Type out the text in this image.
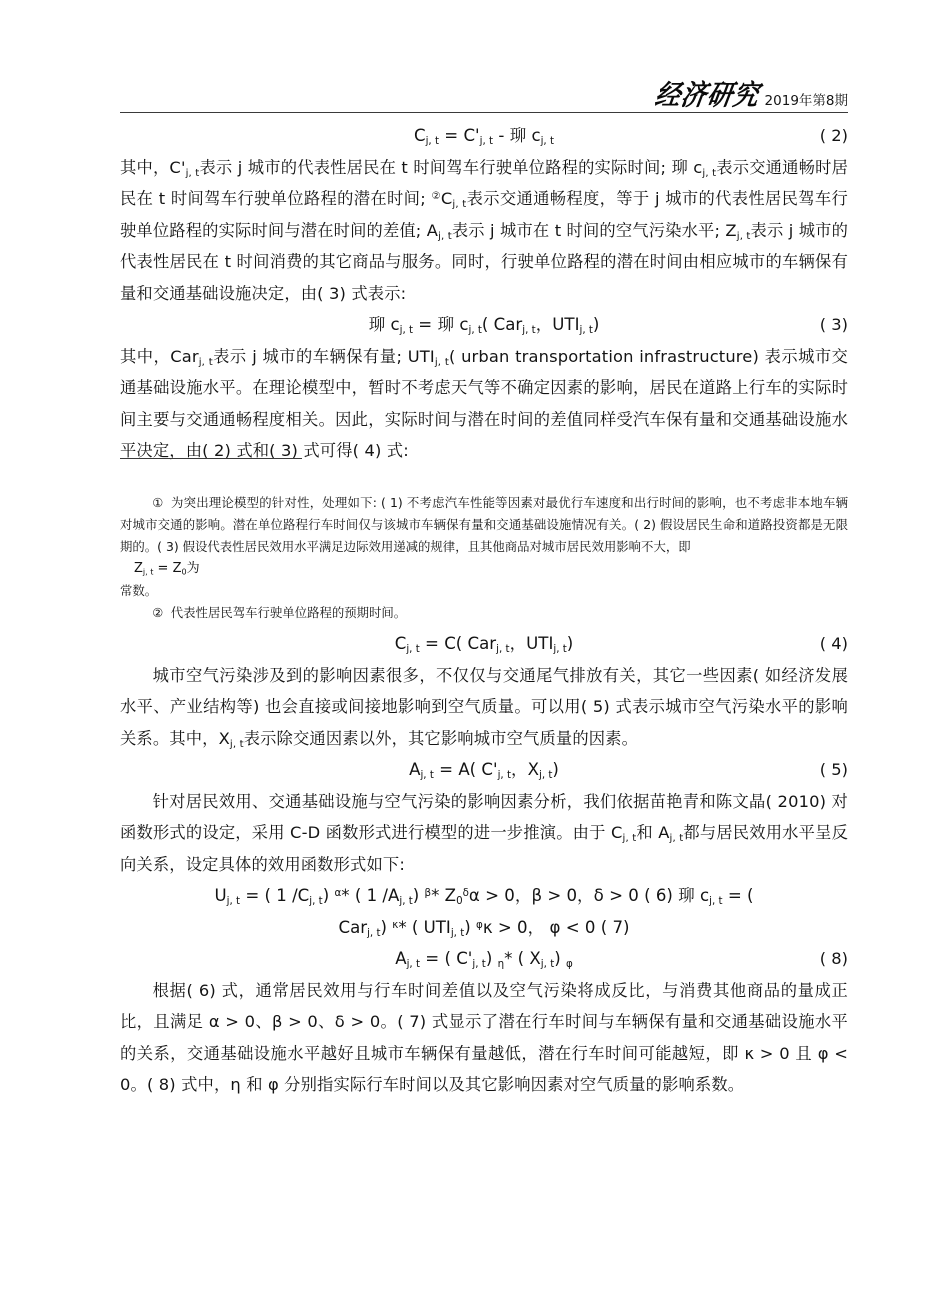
经济研究 2019年第8期
$C_{j, t} = C'_{j, t}$ - 珋 $c_{j, t}$	( 2)

其中，$C'_{j, t}$表示 j 城市的代表性居民在 t 时间驾车行驶单位路程的实际时间; 珋 $c_{j, t}$表示交通通畅时居民在 t 时间驾车行驶单位路程的潜在时间; $^②C_{j, t}$表示交通通畅程度，等于 j 城市的代表性居民驾车行驶单位路程的实际时间与潜在时间的差值; $A_{j, t}$表示 j 城市在 t 时间的空气污染水平; $Z_{j, t}$表示 j 城市的代表性居民在 t 时间消费的其它商品与服务。同时，行驶单位路程的潜在时间由相应城市的车辆保有量和交通基础设施决定，由( 3) 式表示:

珋 $c_{j, t}$ = 珋 $c_{j, t}$( Car$_{j, t}$，$UTI_{j, t}$)	( 3)

其中，Car$_{j, t}$表示 j 城市的车辆保有量; $UTI_{j, t}$( urban transportation infrastructure) 表示城市交通基础设施水平。在理论模型中，暂时不考虑天气等不确定因素的影响，居民在道路上行车的实际时间主要与交通通畅程度相关。因此，实际时间与潜在时间的差值同样受汽车保有量和交通基础设施水平决定，由( 2) 式和( 3) 式可得( 4) 式:

① 为突出理论模型的针对性，处理如下: ( 1) 不考虑汽车性能等因素对最优行车速度和出行时间的影响，也不考虑非本地车辆对城市交通的影响。潜在单位路程行车时间仅与该城市车辆保有量和交通基础设施情况有关。( 2) 假设居民生命和道路投资都是无限期的。( 3) 假设代表性居民效用水平满足边际效用递减的规律，且其他商品对城市居民效用影响不大，即

$Z_{j, t} = Z_0$为

常数。

② 代表性居民驾车行驶单位路程的预期时间。

$C_{j, t} = C$( Car$_{j, t}$，$UTI_{j, t}$)	( 4)

城市空气污染涉及到的影响因素很多，不仅仅与交通尾气排放有关，其它一些因素( 如经济发展水平、产业结构等) 也会直接或间接地影响到空气质量。可以用( 5) 式表示城市空气污染水平的影响关系。其中，$X_{j, t}$表示除交通因素以外，其它影响城市空气质量的因素。

$A_{j, t} = A$( $C'_{j, t}$，$X_{j, t}$)	( 5)

针对居民效用、交通基础设施与空气污染的影响因素分析，我们依据苗艳青和陈文晶( 2010) 对函数形式的设定，采用 C-D 函数形式进行模型的进一步推演。由于 $C_{j, t}$和 $A_{j, t}$都与居民效用水平呈反向关系，设定具体的效用函数形式如下:

$U_{j, t}$ = ( 1 $/C_{j, t}$) $^\alpha$* ( 1 $/A_{j, t}$) $^\beta$* $Z_0^\delta\alpha > 0$，β > 0，δ > 0 ( 6) 珋 $c_{j, t}$ = (
Car$_{j, t}$) $^\kappa$* ( $UTI_{j, t}$) $^\varphi$κ > 0， φ < 0 ( 7)
$A_{j, t}$ = ( $C'_{j, t}$) $_\eta$* ( $X_{j, t}$) $_\varphi$	( 8)

根据( 6) 式，通常居民效用与行车时间差值以及空气污染将成反比，与消费其他商品的量成正比，且满足 α > 0、β > 0、δ > 0。( 7) 式显示了潜在行车时间与车辆保有量和交通基础设施水平的关系，交通基础设施水平越好且城市车辆保有量越低，潜在行车时间可能越短，即 κ > 0 且 φ < 0。( 8) 式中，η 和 φ 分别指实际行车时间以及其它影响因素对空气质量的影响系数。
